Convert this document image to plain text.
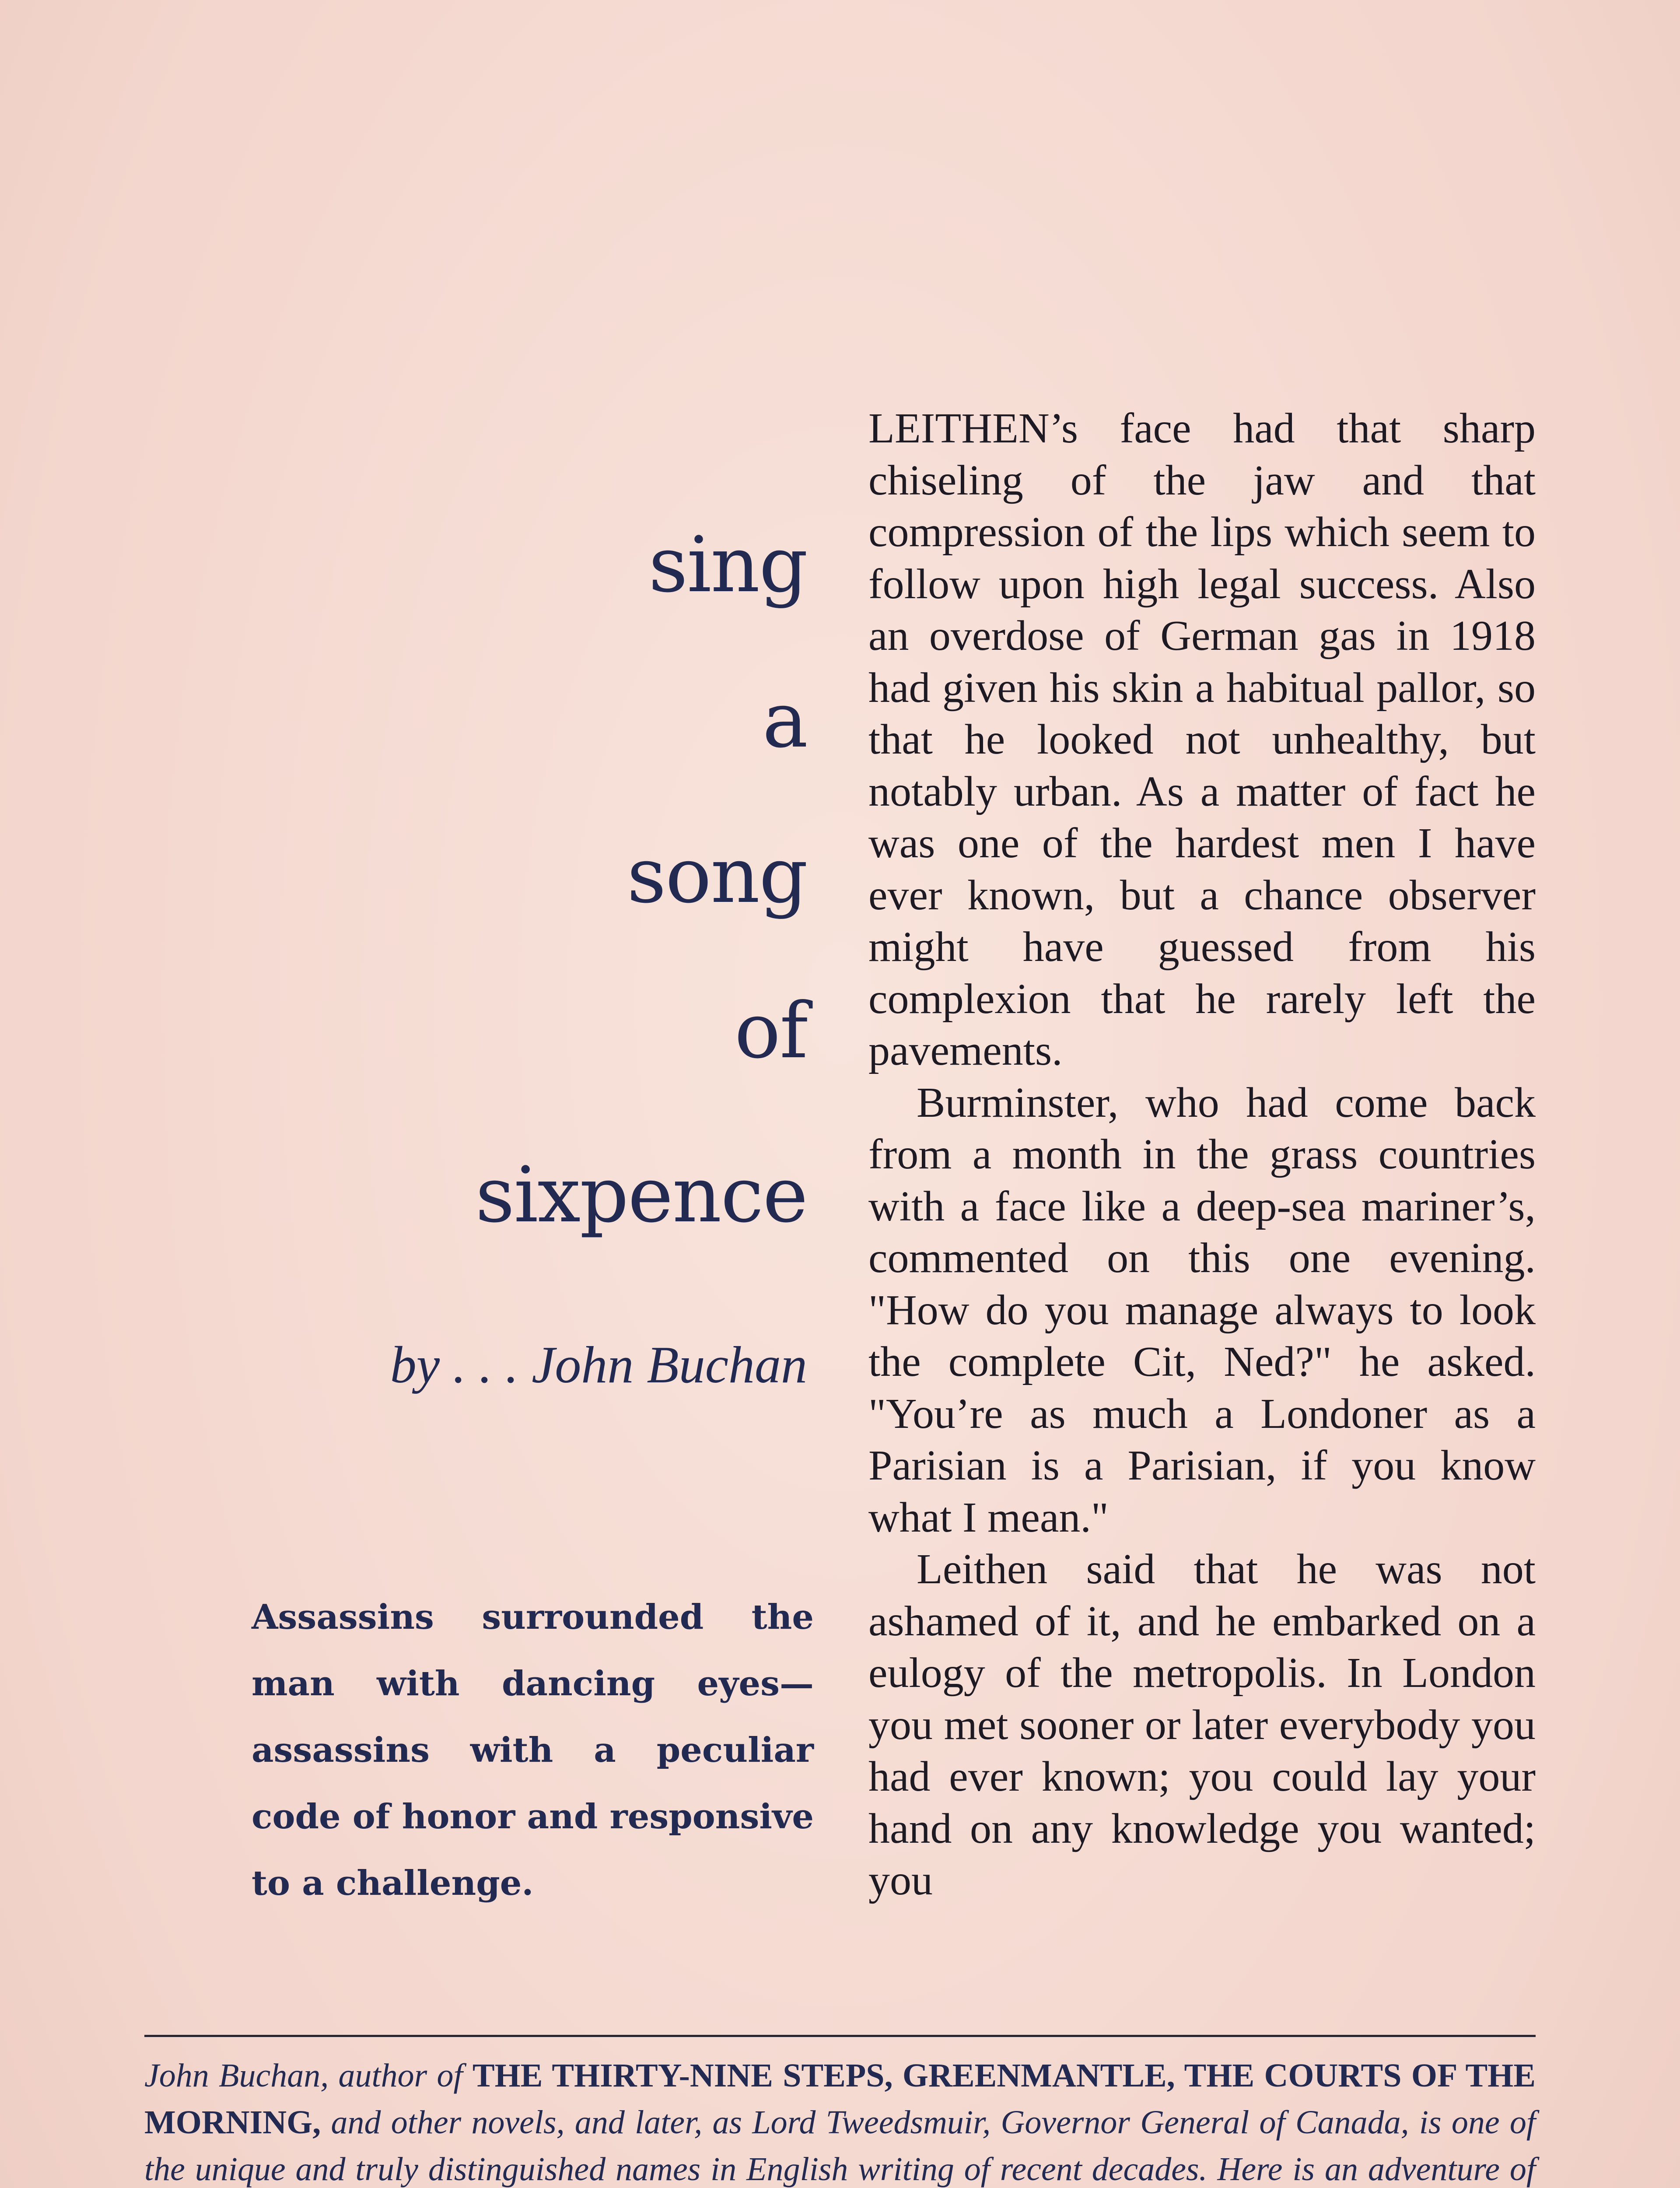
sing
a
song
of
sixpence
by . . . John Buchan
Assassins surrounded the man with dancing eyes—assassins with a peculiar code of honor and responsive to a challenge.

LEITHEN’s face had that sharp chiseling of the jaw and that compression of the lips which seem to follow upon high legal success. Also an overdose of German gas in 1918 had given his skin a habitual pallor, so that he looked not unhealthy, but notably urban. As a matter of fact he was one of the hardest men I have ever known, but a chance observer might have guessed from his complexion that he rarely left the pavements.

Burminster, who had come back from a month in the grass countries with a face like a deep-sea mariner’s, commented on this one evening. "How do you manage always to look the complete Cit, Ned?" he asked. "You’re as much a Londoner as a Parisian is a Parisian, if you know what I mean."

Leithen said that he was not ashamed of it, and he embarked on a eulogy of the metropolis. In London you met sooner or later everybody you had ever known; you could lay your hand on any knowledge you wanted; you

John Buchan, author of THE THIRTY-NINE STEPS, GREENMANTLE, THE COURTS OF THE MORNING, and other novels, and later, as Lord Tweedsmuir, Governor General of Canada, is one of the unique and truly distinguished names in English writing of recent decades. Here is an adventure of
